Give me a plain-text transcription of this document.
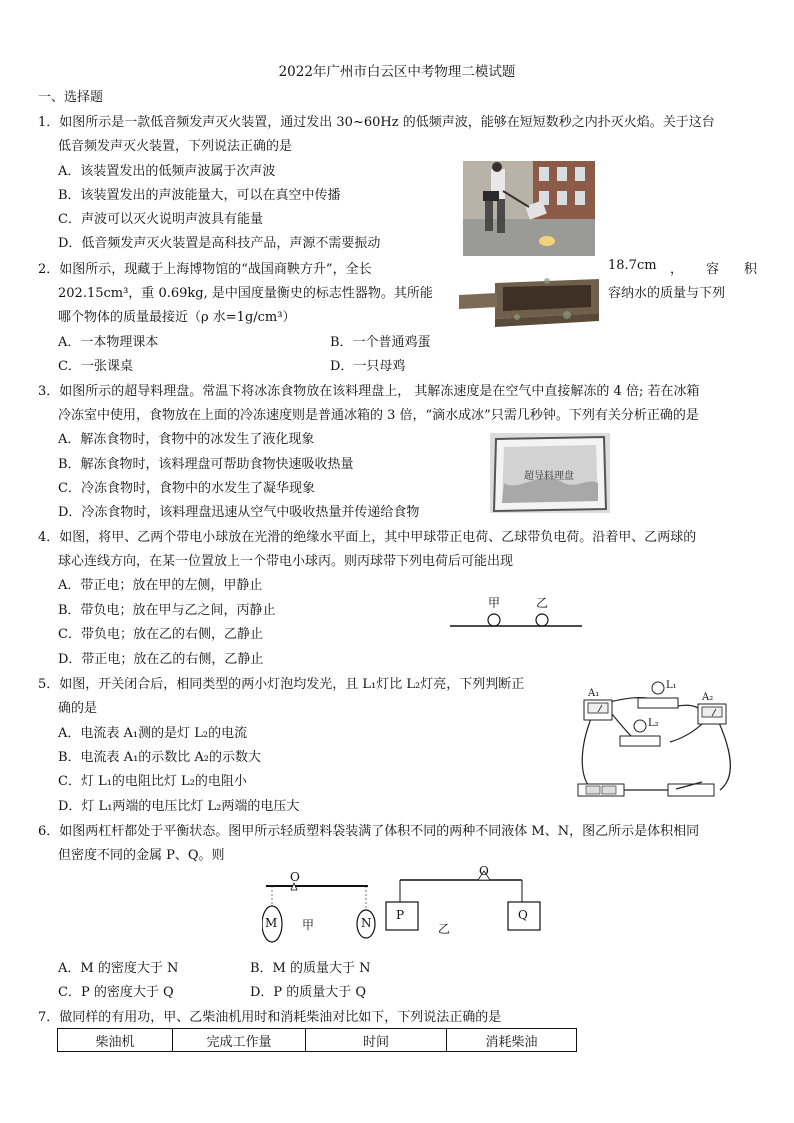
2022年广州市白云区中考物理二模试题
一、选择题
1．如图所示是一款低音频发声灭火装置，通过发出 30~60Hz 的低频声波，能够在短短数秒之内扑灭火焰。关于这台
低音频发声灭火装置，下列说法正确的是
A．该装置发出的低频声波属于次声波
B．该装置发出的声波能量大，可以在真空中传播
C．声波可以灭火说明声波具有能量
D．低音频发声灭火装置是高科技产品，声源不需要振动
2．如图所示，现藏于上海博物馆的“战国商鞅方升”，全长	18.7cm ， 容 积
202.15cm³，重 0.69kg, 是中国度量衡史的标志性器物。其所能	容纳水的质量与下列
哪个物体的质量最接近（ρ 水=1g/cm³）
A．一本物理课本	B．一个普通鸡蛋
C．一张课桌	D．一只母鸡
3．如图所示的超导料理盘。常温下将冰冻食物放在该料理盘上， 其解冻速度是在空气中直接解冻的 4 倍; 若在冰箱
冷冻室中使用，食物放在上面的冷冻速度则是普通冰箱的 3 倍，“滴水成冰”只需几秒钟。下列有关分析正确的是
A．解冻食物时，食物中的冰发生了液化现象
B．解冻食物时，该料理盘可帮助食物快速吸收热量
C．冷冻食物时，食物中的水发生了凝华现象
D．冷冻食物时，该料理盘迅速从空气中吸收热量并传递给食物
超导料理盘
4．如图，将甲、乙两个带电小球放在光滑的绝缘水平面上，其中甲球带正电荷、乙球带负电荷。沿着甲、乙两球的
球心连线方向，在某一位置放上一个带电小球丙。则丙球带下列电荷后可能出现
A．带正电；放在甲的左侧，甲静止
B．带负电；放在甲与乙之间，丙静止
C．带负电；放在乙的右侧，乙静止
D．带正电；放在乙的右侧，乙静止
甲	乙
5．如图，开关闭合后，相同类型的两小灯泡均发光，且 L₁灯比 L₂灯亮，下列判断正
确的是
A．电流表 A₁测的是灯 L₂的电流
B．电流表 A₁的示数比 A₂的示数大
C．灯 L₁的电阻比灯 L₂的电阻小
D．灯 L₁两端的电压比灯 L₂两端的电压大
A₁	A₂
L₁
L₂
6．如图两杠杆都处于平衡状态。图甲所示轻质塑料袋装满了体积不同的两种不同液体 M、N，图乙所示是体积相同
但密度不同的金属 P、Q。则
O
M	N
甲
O
P	Q
乙
A．M 的密度大于 N	B．M 的质量大于 N
C．P 的密度大于 Q	D．P 的质量大于 Q
7．做同样的有用功，甲、乙柴油机用时和消耗柴油对比如下，下列说法正确的是
柴油机	完成工作量	时间	消耗柴油
